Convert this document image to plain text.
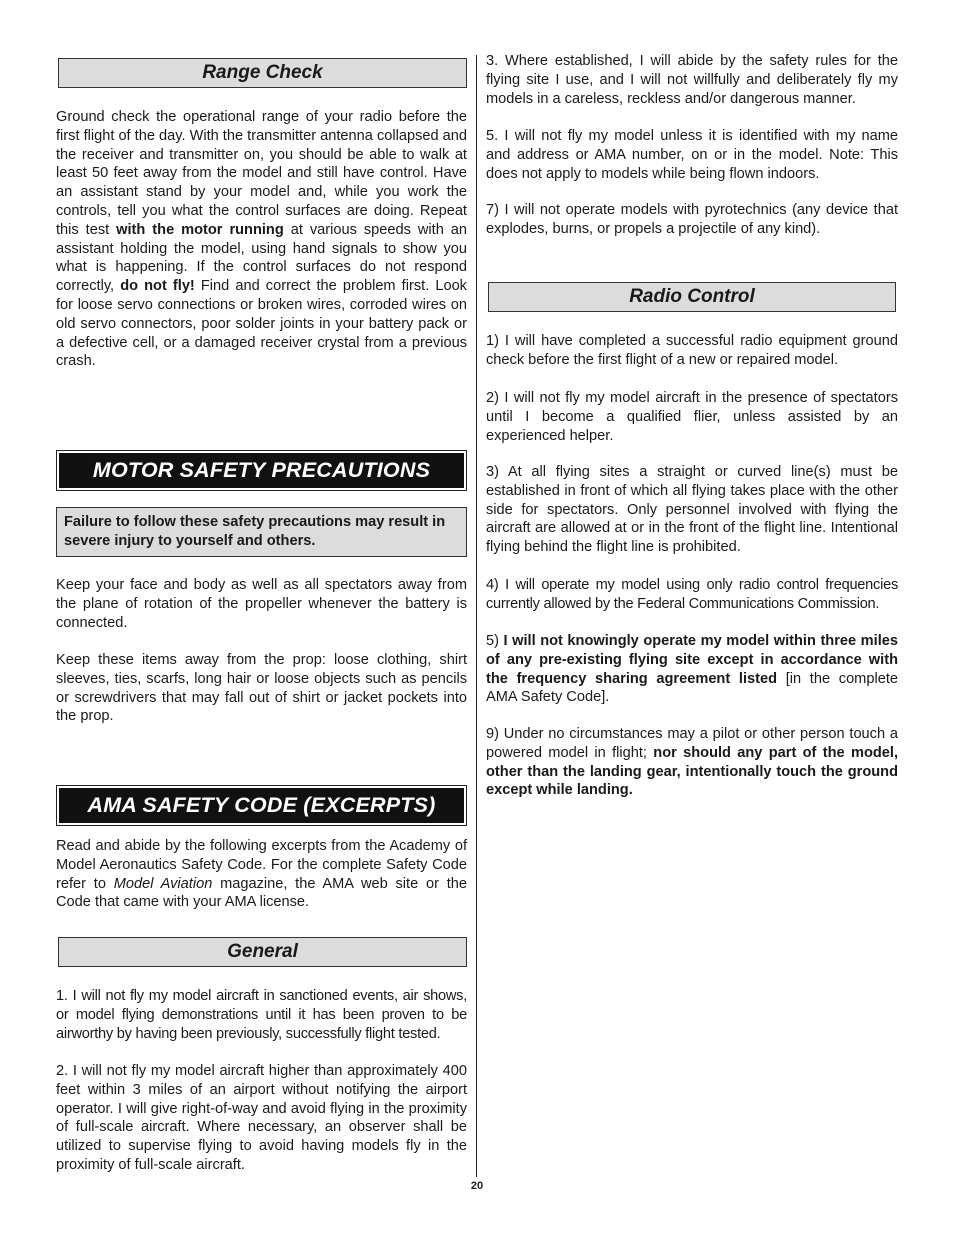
Range Check

Ground check the operational range of your radio before the first flight of the day. With the transmitter antenna collapsed and the receiver and transmitter on, you should be able to walk at least 50 feet away from the model and still have control. Have an assistant stand by your model and, while you work the controls, tell you what the control surfaces are doing. Repeat this test with the motor running at various speeds with an assistant holding the model, using hand signals to show you what is happening. If the control surfaces do not respond correctly, do not fly! Find and correct the problem first. Look for loose servo connections or broken wires, corroded wires on old servo connectors, poor solder joints in your battery pack or a defective cell, or a damaged receiver crystal from a previous crash.

MOTOR SAFETY PRECAUTIONS
Failure to follow these safety precautions may result in severe injury to yourself and others.

Keep your face and body as well as all spectators away from the plane of rotation of the propeller whenever the battery is connected.

Keep these items away from the prop: loose clothing, shirt sleeves, ties, scarfs, long hair or loose objects such as pencils or screwdrivers that may fall out of shirt or jacket pockets into the prop.

AMA SAFETY CODE (EXCERPTS)

Read and abide by the following excerpts from the Academy of Model Aeronautics Safety Code. For the complete Safety Code refer to Model Aviation magazine, the AMA web site or the Code that came with your AMA license.

General

1. I will not fly my model aircraft in sanctioned events, air shows, or model flying demonstrations until it has been proven to be airworthy by having been previously, successfully flight tested.

2. I will not fly my model aircraft higher than approximately 400 feet within 3 miles of an airport without notifying the airport operator. I will give right-of-way and avoid flying in the proximity of full-scale aircraft. Where necessary, an observer shall be utilized to supervise flying to avoid having models fly in the proximity of full-scale aircraft.

3. Where established, I will abide by the safety rules for the flying site I use, and I will not willfully and deliberately fly my models in a careless, reckless and/or dangerous manner.

5. I will not fly my model unless it is identified with my name and address or AMA number, on or in the model. Note: This does not apply to models while being flown indoors.

7) I will not operate models with pyrotechnics (any device that explodes, burns, or propels a projectile of any kind).

Radio Control

1) I will have completed a successful radio equipment ground check before the first flight of a new or repaired model.

2) I will not fly my model aircraft in the presence of spectators until I become a qualified flier, unless assisted by an experienced helper.

3) At all flying sites a straight or curved line(s) must be established in front of which all flying takes place with the other side for spectators. Only personnel involved with flying the aircraft are allowed at or in the front of the flight line. Intentional flying behind the flight line is prohibited.

4) I will operate my model using only radio control frequencies currently allowed by the Federal Communications Commission.

5) I will not knowingly operate my model within three miles of any pre-existing flying site except in accordance with the frequency sharing agreement listed [in the complete AMA Safety Code].

9) Under no circumstances may a pilot or other person touch a powered model in flight; nor should any part of the model, other than the landing gear, intentionally touch the ground except while landing.

20
